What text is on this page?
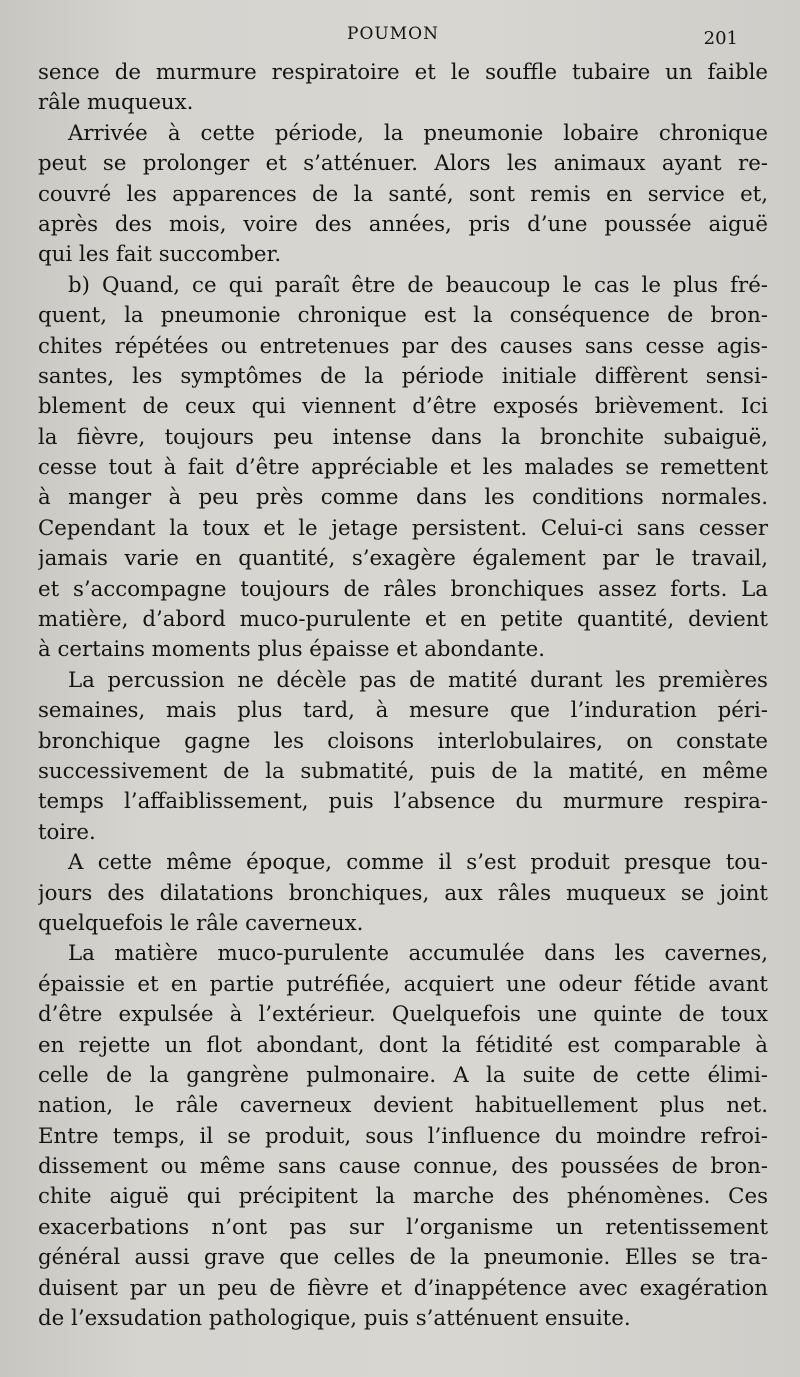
POUMON	201
sence de murmure respiratoire et le souffle tubaire un faible
râle muqueux.
Arrivée à cette période, la pneumonie lobaire chronique
peut se prolonger et s’atténuer. Alors les animaux ayant re-
couvré les apparences de la santé, sont remis en service et,
après des mois, voire des années, pris d’une poussée aiguë
qui les fait succomber.
b) Quand, ce qui paraît être de beaucoup le cas le plus fré-
quent, la pneumonie chronique est la conséquence de bron-
chites répétées ou entretenues par des causes sans cesse agis-
santes, les symptômes de la période initiale diffèrent sensi-
blement de ceux qui viennent d’être exposés brièvement. Ici
la fièvre, toujours peu intense dans la bronchite subaiguë,
cesse tout à fait d’être appréciable et les malades se remettent
à manger à peu près comme dans les conditions normales.
Cependant la toux et le jetage persistent. Celui-ci sans cesser
jamais varie en quantité, s’exagère également par le travail,
et s’accompagne toujours de râles bronchiques assez forts. La
matière, d’abord muco-purulente et en petite quantité, devient
à certains moments plus épaisse et abondante.
La percussion ne décèle pas de matité durant les premières
semaines, mais plus tard, à mesure que l’induration péri-
bronchique gagne les cloisons interlobulaires, on constate
successivement de la submatité, puis de la matité, en même
temps l’affaiblissement, puis l’absence du murmure respira-
toire.
A cette même époque, comme il s’est produit presque tou-
jours des dilatations bronchiques, aux râles muqueux se joint
quelquefois le râle caverneux.
La matière muco-purulente accumulée dans les cavernes,
épaissie et en partie putréfiée, acquiert une odeur fétide avant
d’être expulsée à l’extérieur. Quelquefois une quinte de toux
en rejette un flot abondant, dont la fétidité est comparable à
celle de la gangrène pulmonaire. A la suite de cette élimi-
nation, le râle caverneux devient habituellement plus net.
Entre temps, il se produit, sous l’influence du moindre refroi-
dissement ou même sans cause connue, des poussées de bron-
chite aiguë qui précipitent la marche des phénomènes. Ces
exacerbations n’ont pas sur l’organisme un retentissement
général aussi grave que celles de la pneumonie. Elles se tra-
duisent par un peu de fièvre et d’inappétence avec exagération
de l’exsudation pathologique, puis s’atténuent ensuite.
